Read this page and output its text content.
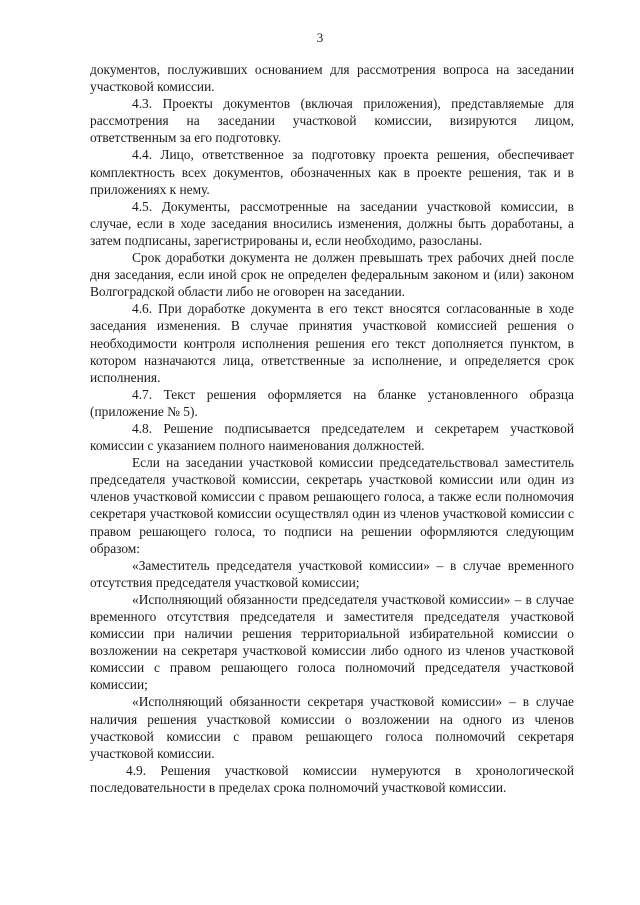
3

документов, послуживших основанием для рассмотрения вопроса на заседании участковой комиссии.

4.3. Проекты документов (включая приложения), представляемые для рассмотрения на заседании участковой комиссии, визируются лицом, ответственным за его подготовку.

4.4. Лицо, ответственное за подготовку проекта решения, обеспечивает комплектность всех документов, обозначенных как в проекте решения, так и в приложениях к нему.

4.5. Документы, рассмотренные на заседании участковой комиссии, в случае, если в ходе заседания вносились изменения, должны быть доработаны, а затем подписаны, зарегистрированы и, если необходимо, разосланы.

Срок доработки документа не должен превышать трех рабочих дней после дня заседания, если иной срок не определен федеральным законом и (или) законом Волгоградской области либо не оговорен на заседании.

4.6. При доработке документа в его текст вносятся согласованные в ходе заседания изменения. В случае принятия участковой комиссией решения о необходимости контроля исполнения решения его текст дополняется пунктом, в котором назначаются лица, ответственные за исполнение, и определяется срок исполнения.

4.7. Текст решения оформляется на бланке установленного образца (приложение № 5).

4.8. Решение подписывается председателем и секретарем участковой комиссии с указанием полного наименования должностей.

Если на заседании участковой комиссии председательствовал заместитель председателя участковой комиссии, секретарь участковой комиссии или один из членов участковой комиссии с правом решающего голоса, а также если полномочия секретаря участковой комиссии осуществлял один из членов участковой комиссии с правом решающего голоса, то подписи на решении оформляются следующим образом:

«Заместитель председателя участковой комиссии» – в случае временного отсутствия председателя участковой комиссии;

«Исполняющий обязанности председателя участковой комиссии» – в случае временного отсутствия председателя и заместителя председателя участковой комиссии при наличии решения территориальной избирательной комиссии о возложении на секретаря участковой комиссии либо одного из членов участковой комиссии с правом решающего голоса полномочий председателя участковой комиссии;

«Исполняющий обязанности секретаря участковой комиссии» – в случае наличия решения участковой комиссии о возложении на одного из членов участковой комиссии с правом решающего голоса полномочий секретаря участковой комиссии.

4.9. Решения участковой комиссии нумеруются в хронологической последовательности в пределах срока полномочий участковой комиссии.
